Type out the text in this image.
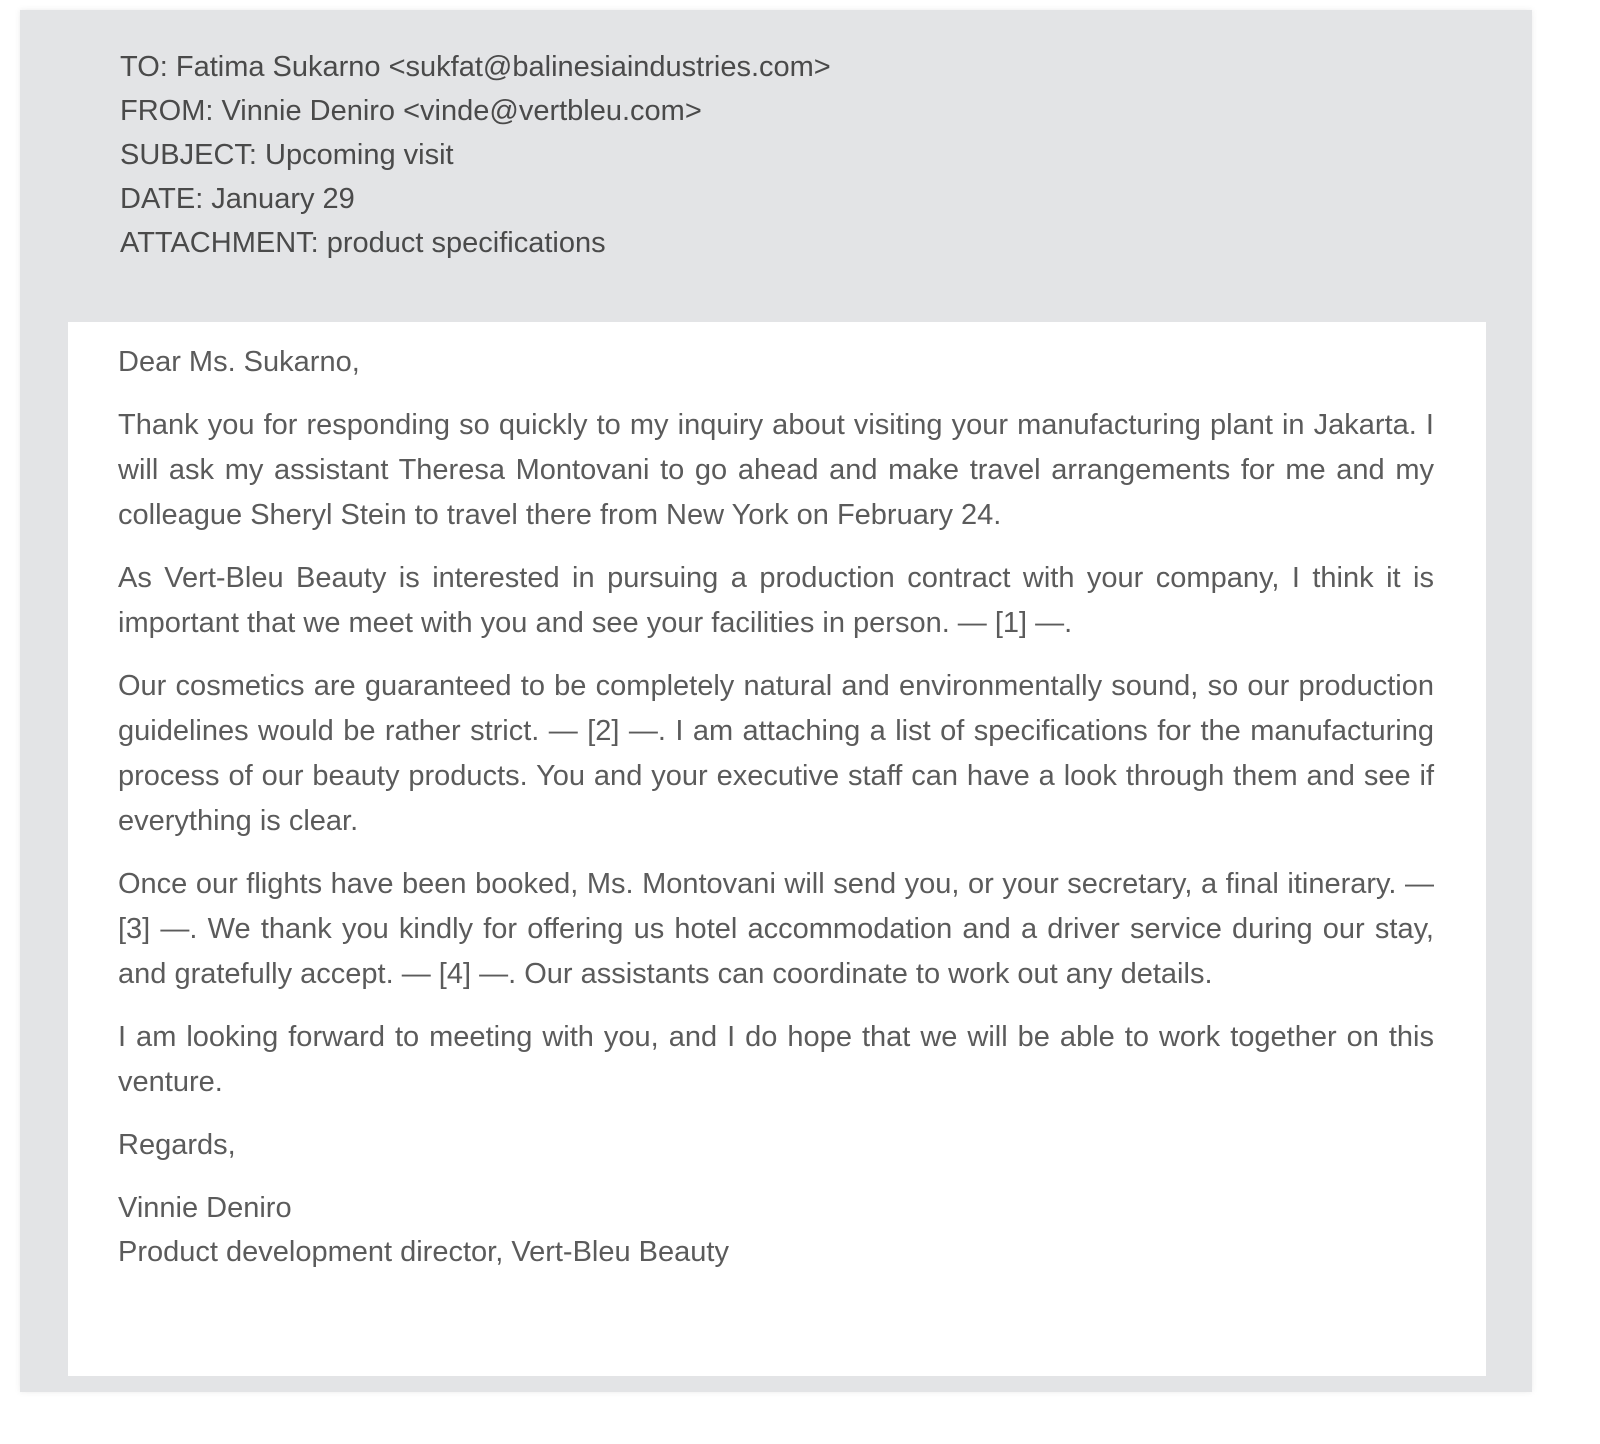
TO: Fatima Sukarno <sukfat@balinesiaindustries.com>
FROM: Vinnie Deniro <vinde@vertbleu.com>
SUBJECT: Upcoming visit
DATE: January 29
ATTACHMENT: product specifications

Dear Ms. Sukarno,

Thank you for responding so quickly to my inquiry about visiting your manufacturing plant in Jakarta. I will ask my assistant Theresa Montovani to go ahead and make travel arrangements for me and my colleague Sheryl Stein to travel there from New York on February 24.

As Vert-Bleu Beauty is interested in pursuing a production contract with your company, I think it is important that we meet with you and see your facilities in person. — [1] —.

Our cosmetics are guaranteed to be completely natural and environmentally sound, so our production guidelines would be rather strict. — [2] —. I am attaching a list of specifications for the manufacturing process of our beauty products. You and your executive staff can have a look through them and see if everything is clear.

Once our flights have been booked, Ms. Montovani will send you, or your secretary, a final itinerary. — [3] —. We thank you kindly for offering us hotel accommodation and a driver service during our stay, and gratefully accept. — [4] —. Our assistants can coordinate to work out any details.

I am looking forward to meeting with you, and I do hope that we will be able to work together on this venture.

Regards,

Vinnie Deniro
Product development director, Vert-Bleu Beauty
